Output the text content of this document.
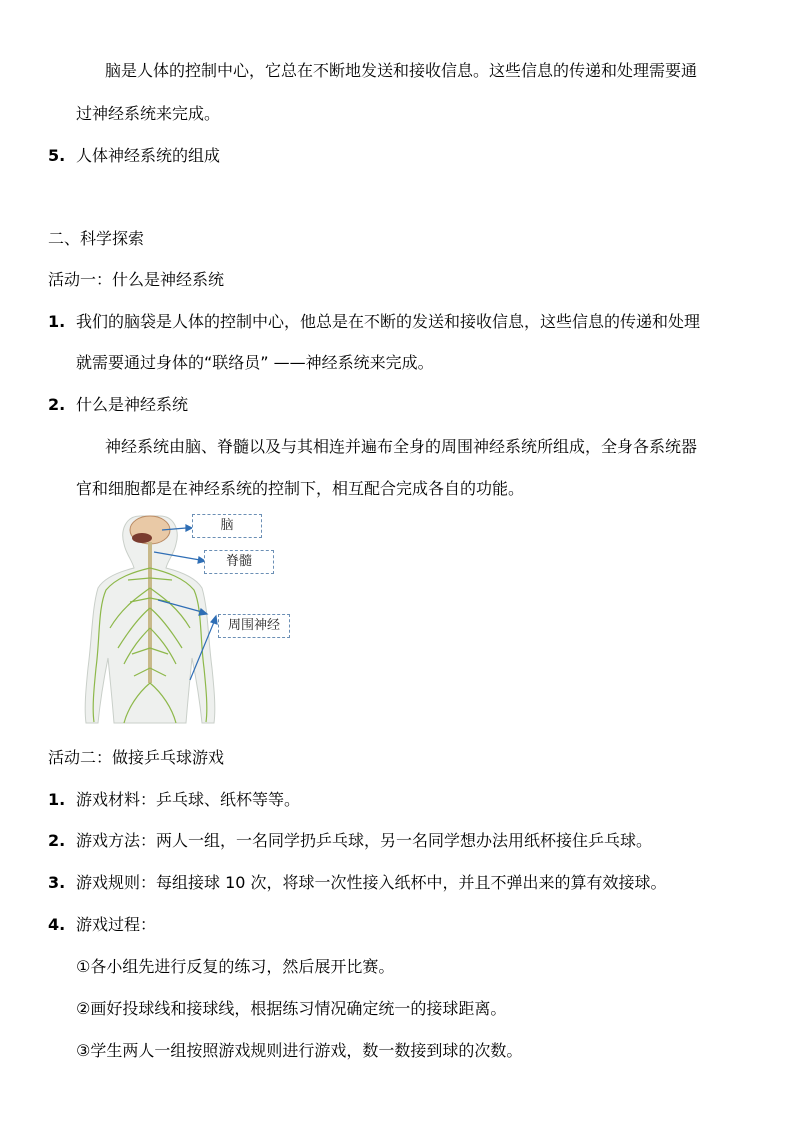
脑是人体的控制中心，它总在不断地发送和接收信息。这些信息的传递和处理需要通
过神经系统来完成。
5. 人体神经系统的组成
二、科学探索
活动一：什么是神经系统
1. 我们的脑袋是人体的控制中心，他总是在不断的发送和接收信息，这些信息的传递和处理
就需要通过身体的“联络员” ——神经系统来完成。
2. 什么是神经系统
神经系统由脑、脊髓以及与其相连并遍布全身的周围神经系统所组成，全身各系统器
官和细胞都是在神经系统的控制下，相互配合完成各自的功能。
脑
脊髓
周围神经
活动二：做接乒乓球游戏
1. 游戏材料：乒乓球、纸杯等等。
2. 游戏方法：两人一组，一名同学扔乒乓球，另一名同学想办法用纸杯接住乒乓球。
3. 游戏规则：每组接球 10 次，将球一次性接入纸杯中，并且不弹出来的算有效接球。
4. 游戏过程：
①各小组先进行反复的练习，然后展开比赛。
②画好投球线和接球线，根据练习情况确定统一的接球距离。
③学生两人一组按照游戏规则进行游戏，数一数接到球的次数。
